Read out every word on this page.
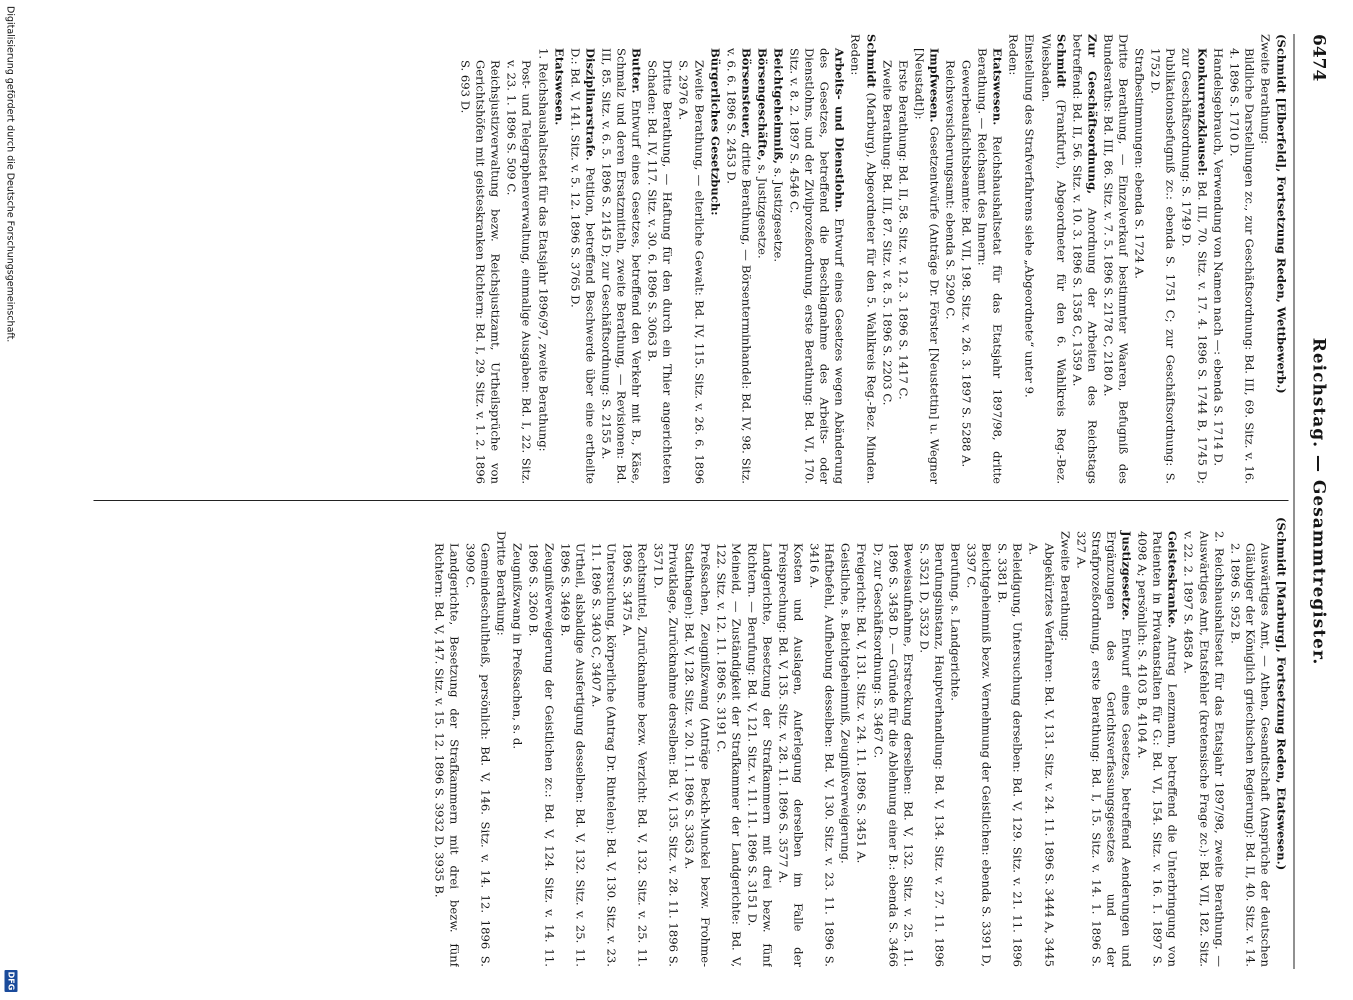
6474
Reichstag. — Gesammtregister.

(Schmidt [Elberfeld], Fortsetzung Reden, Wettbewerb.)

Zweite Berathung:

Bildliche Darstellungen zc., zur Geschäftsordnung: Bd. III, 69. Sitz. v. 16. 4. 1896 S. 1710 D.

Handelsgebrauch, Verwendung von Namen nach —: ebenda S. 1714 D.

Konkurrenzklausel: Bd. III, 70. Sitz. v. 17. 4. 1896 S. 1744 B, 1745 D; zur Geschäftsordnung: S. 1749 D.

Publikationsbefugniß zc.: ebenda S. 1751 C; zur Geschäftsordnung: S. 1752 D.

Strafbestimmungen: ebenda S. 1724 A.

Dritte Berathung, — Einzelverkauf bestimmter Waaren, Befugniß des Bundesraths: Bd. III, 86. Sitz. v. 7. 5. 1896 S. 2178 C, 2180 A.

Zur Geschäftsordnung, Anordnung der Arbeiten des Reichstags betreffend: Bd. II, 56. Sitz. v. 10. 3. 1896 S. 1358 C, 1359 A.

Schmidt (Frankfurt), Abgeordneter für den 6. Wahlkreis Reg.-Bez. Wiesbaden.

Einstellung des Strafverfahrens siehe „Abgeordnete“ unter 9.

Reden:

Etatswesen. Reichshaushaltsetat für das Etatsjahr 1897/98, dritte Berathung. — Reichsamt des Innern:

Gewerbeaufsichtsbeamte: Bd. VII, 198. Sitz. v. 26. 3. 1897 S. 5288 A.

Reichsversicherungsamt: ebenda S. 5290 C.

Impfwesen. Gesetzentwürfe (Anträge Dr. Förster [Neustettin] u. Wegner [Neustadt]):

Erste Berathung: Bd. II, 58. Sitz. v. 12. 3. 1896 S. 1417 C.

Zweite Berathung: Bd. III, 87. Sitz. v. 8. 5. 1896 S. 2203 C.

Schmidt (Marburg), Abgeordneter für den 5. Wahlkreis Reg.-Bez. Minden. Reden:

Arbeits- und Dienstlohn. Entwurf eines Gesetzes wegen Abänderung des Gesetzes, betreffend die Beschlagnahme des Arbeits- oder Dienstlohns, und der Zivilprozeßordnung, erste Berathung: Bd. VI, 170. Sitz. v. 8. 2. 1897 S. 4546 C.

Beichtgeheimniß, s. Justizgesetze.

Börsengeschäfte, s. Justizgesetze.

Börsensteuer, dritte Berathung, — Börsenterminhandel: Bd. IV, 98. Sitz. v. 6. 6. 1896 S. 2453 D.

Bürgerliches Gesetzbuch:

Zweite Berathung, — elterliche Gewalt: Bd. IV, 115. Sitz. v. 26. 6. 1896 S. 2976 A.

Dritte Berathung, — Haftung für den durch ein Thier angerichteten Schaden: Bd. IV, 117. Sitz. v. 30. 6. 1896 S. 3063 B.

Butter. Entwurf eines Gesetzes, betreffend den Verkehr mit B., Käse, Schmalz und deren Ersatzmitteln, zweite Berathung, — Revisionen: Bd. III, 85. Sitz. v. 6. 5. 1896 S. 2145 D; zur Geschäftsordnung: S. 2155 A.

Disziplinarstrafe. Petition, betreffend Beschwerde über eine ertheilte D.: Bd. V, 141. Sitz. v. 5. 12. 1896 S. 3765 D.

Etatswesen.

1. Reichshaushaltsetat für das Etatsjahr 1896/97, zweite Berathung:

Post- und Telegraphenverwaltung, einmalige Ausgaben: Bd. I, 22. Sitz. v. 23. 1. 1896 S. 509 C.

Reichsjustizverwaltung bezw. Reichsjustizamt, Urtheilsprüche von Gerichtshöfen mit geisteskranken Richtern: Bd. I, 29. Sitz. v. 1. 2. 1896 S. 693 D.

(Schmidt [Marburg], Fortsetzung Reden, Etatswesen.)

Auswärtiges Amt, — Athen, Gesandtschaft (Ansprüche der deutschen Gläubiger der Königlich griechischen Regierung): Bd. II, 40. Sitz. v. 14. 2. 1896 S. 952 B.

2. Reichshaushaltsetat für das Etatsjahr 1897/98, zweite Berathung. — Auswärtiges Amt, Etatsfehler (kretensische Frage zc.): Bd. VII, 182. Sitz. v. 22. 2. 1897 S. 4858 A.

Geisteskranke. Antrag Lenzmann, betreffend die Unterbringung von Patienten in Privatanstalten für G.: Bd. VI, 154. Sitz. v. 16. 1. 1897 S. 4098 A; persönlich: S. 4103 B, 4104 A.

Justizgesetze. Entwurf eines Gesetzes, betreffend Aenderungen und Ergänzungen des Gerichtsverfassungsgesetzes und der Strafprozeßordnung, erste Berathung: Bd. I, 15. Sitz. v. 14. 1. 1896 S. 327 A.

Zweite Berathung:

Abgekürztes Verfahren: Bd. V, 131. Sitz. v. 24. 11. 1896 S. 3444 A, 3445 A.

Beleidigung, Untersuchung derselben: Bd. V, 129. Sitz. v. 21. 11. 1896 S. 3381 B.

Beichtgeheimniß bezw. Vernehmung der Geistlichen: ebenda S. 3391 D, 3397 C.

Berufung, s. Landgerichte.

Berufungsinstanz, Hauptverhandlung: Bd. V, 134. Sitz. v. 27. 11. 1896 S. 3521 D, 3532 D.

Beweisaufnahme, Erstreckung derselben: Bd. V, 132. Sitz. v. 25. 11. 1896 S. 3458 D. — Gründe für die Ablehnung einer B.: ebenda S. 3466 D; zur Geschäftsordnung: S. 3467 C.

Freigericht: Bd. V, 131. Sitz. v. 24. 11. 1896 S. 3451 A.

Geistliche, s. Beichtgeheimniß, Zeugnißverweigerung.

Haftbefehl, Aufhebung desselben: Bd. V, 130. Sitz. v. 23. 11. 1896 S. 3416 A.

Kosten und Auslagen, Auferlegung derselben im Falle der Freisprechung: Bd. V, 135. Sitz. v. 28. 11. 1896 S. 3577 A.

Landgerichte, Besetzung der Strafkammern mit drei bezw. fünf Richtern. — Berufung: Bd. V, 121. Sitz. v. 11. 11. 1896 S. 3151 D.

Meineid, — Zuständigkeit der Strafkammer der Landgerichte: Bd. V, 122. Sitz. v. 12. 11. 1896 S. 3191 C.

Preßsachen, Zeugnißzwang (Anträge Beckh-Munckel bezw. Frohme-Stadthagen): Bd. V, 128. Sitz. v. 20. 11. 1896 S. 3363 A.

Privatklage, Zurücknahme derselben: Bd. V, 135. Sitz. v. 28. 11. 1896 S. 3571 D.

Rechtsmittel, Zurücknahme bezw. Verzicht: Bd. V, 132. Sitz. v. 25. 11. 1896 S. 3475 A.

Untersuchung, körperliche (Antrag Dr. Rintelen): Bd. V, 130. Sitz. v. 23. 11. 1896 S. 3403 C, 3407 A.

Urtheil, alsbaldige Ausfertigung desselben: Bd. V, 132. Sitz. v. 25. 11. 1896 S. 3469 B.

Zeugnißverweigerung der Geistlichen zc.: Bd. V, 124. Sitz. v. 14. 11. 1896 S. 3260 B.

Zeugnißzwang in Preßsachen, s. d.

Dritte Berathung:

Gemeindeschultheiß, persönlich: Bd. V, 146. Sitz. v. 14. 12. 1896 S. 3909 C.

Landgerichte, Besetzung der Strafkammern mit drei bezw. fünf Richtern: Bd. V, 147. Sitz. v. 15. 12. 1896 S. 3932 D, 3935 B.

Digitalisierung gefördert durch die Deutsche Forschungsgemeinschaft.
DFG
